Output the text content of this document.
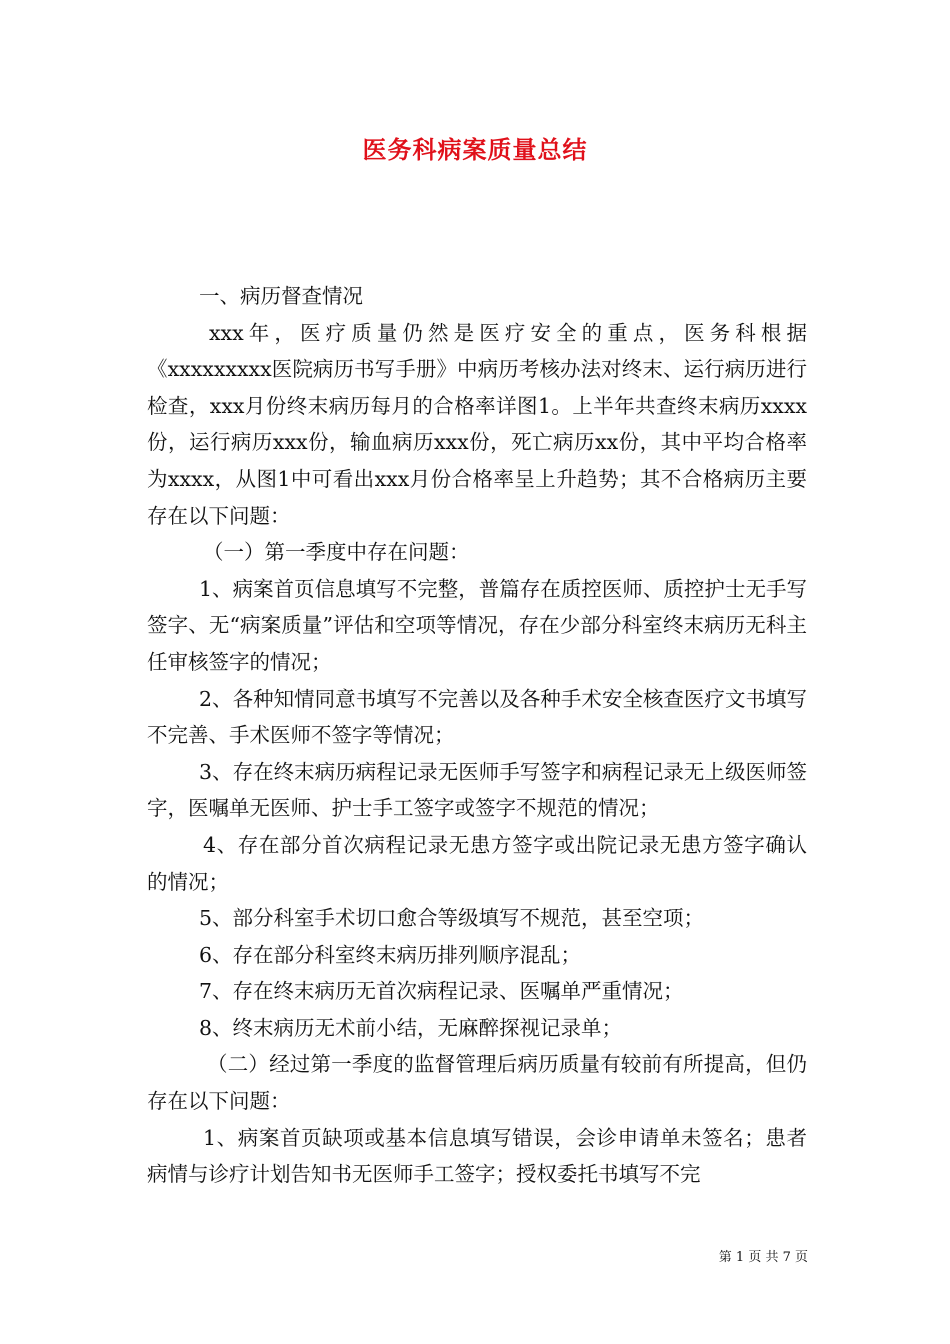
医务科病案质量总结

一、病历督查情况

xxx年，医疗质量仍然是医疗安全的重点，医务科根据《xxxxxxxxx医院病历书写手册》中病历考核办法对终末、运行病历进行检查，xxx月份终末病历每月的合格率详图1。上半年共查终末病历xxxx份，运行病历xxx份，输血病历xxx份，死亡病历xx份，其中平均合格率为xxxx，从图1中可看出xxx月份合格率呈上升趋势；其不合格病历主要存在以下问题：

（一）第一季度中存在问题：

1、病案首页信息填写不完整，普篇存在质控医师、质控护士无手写签字、无“病案质量”评估和空项等情况，存在少部分科室终末病历无科主任审核签字的情况；

2、各种知情同意书填写不完善以及各种手术安全核查医疗文书填写不完善、手术医师不签字等情况；

3、存在终末病历病程记录无医师手写签字和病程记录无上级医师签字，医嘱单无医师、护士手工签字或签字不规范的情况；

4、存在部分首次病程记录无患方签字或出院记录无患方签字确认的情况；

5、部分科室手术切口愈合等级填写不规范，甚至空项；

6、存在部分科室终末病历排列顺序混乱；

7、存在终末病历无首次病程记录、医嘱单严重情况；

8、终末病历无术前小结，无麻醉探视记录单；

（二）经过第一季度的监督管理后病历质量有较前有所提高，但仍存在以下问题：

1、病案首页缺项或基本信息填写错误，会诊申请单未签名；患者病情与诊疗计划告知书无医师手工签字；授权委托书填写不完

第 1 页 共 7 页
